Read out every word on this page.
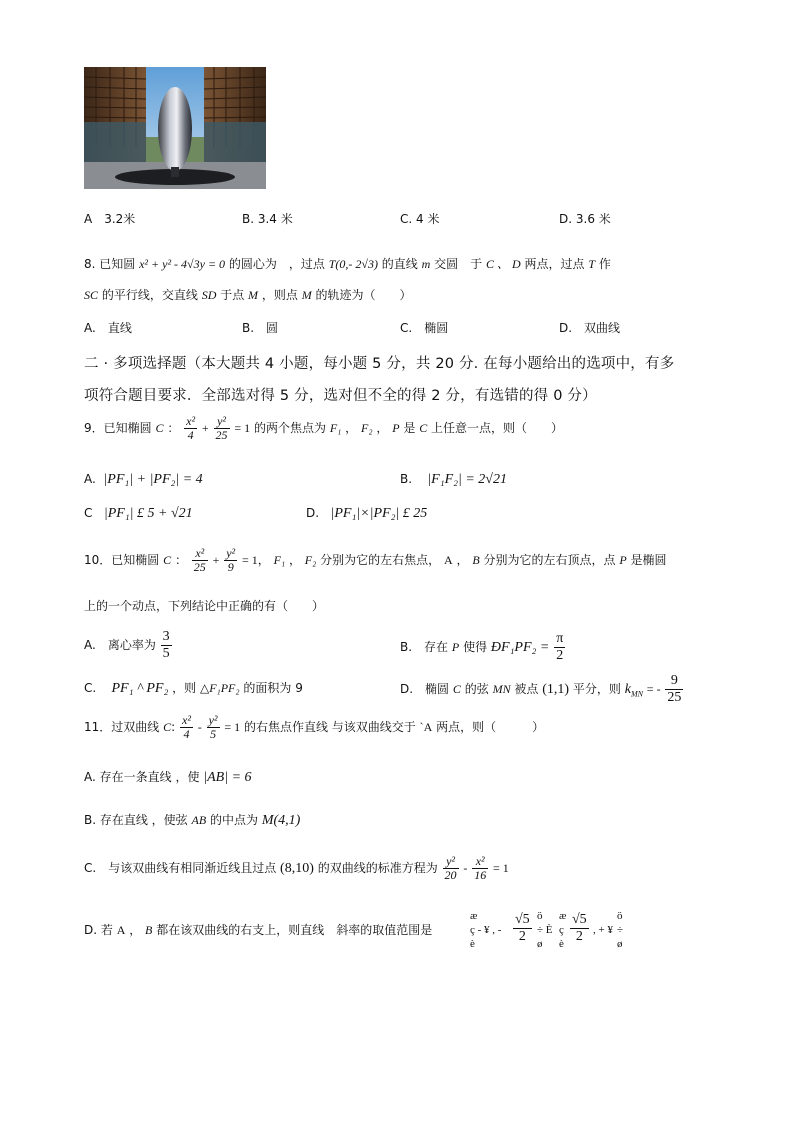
A　3.2米	B. 3.4 米	C. 4 米	D. 3.6 米
8. 已知圆 x² + y² - 4√3y = 0 的圆心为　，过点 T(0,- 2√3) 的直线 m 交圆　于 C 、 D 两点，过点 T 作
SC 的平行线，交直线 SD 于点 M ，则点 M 的轨迹为（　　）
A.　直线	B.　圆	C.　椭圆	D.　双曲线
二 · 多项选择题（本大题共 4 小题，每小题 5 分，共 20 分. 在每小题给出的选项中，有多
项符合题目要求．全部选对得 5 分，选对但不全的得 2 分，有选错的得 0 分）
9．已知椭圆 C ： $\frac{\text{x²}}{4} + \frac{\text{y²}}{25} = 1$ 的两个焦点为 F₁ ， F₂ ， P 是 C 上任意一点，则（　　）
A. |PF₁| + |PF₂| = 4	B. |F₁F₂| = 2√21
C |PF₁| £ 5 + √21	D. |PF₁|×|PF₂| £ 25
10．已知椭圆 C ： $\frac{\text{x²}}{25} + \frac{\text{y²}}{9} = 1$， F₁ ， F₂ 分别为它的左右焦点， A ， B 分别为它的左右顶点，点 P 是椭圆
上的一个动点，下列结论中正确的有（　　）
A.　离心率为 $\frac{3}{5}$	B.　存在 P 使得 ÐF₁PF₂ = $\frac{\pi}{2}$
C. PF₁ ^ PF₂ ，则 △F₁PF₂ 的面积为 9	D.　椭圆 C 的弦 MN 被点 (1,1) 平分，则 $k_{MN}$ = - $\frac{9}{25}$
11．过双曲线 C: $\frac{\text{x²}}{4} - \frac{\text{y²}}{5} = 1$ 的右焦点作直线 与该双曲线交于 `A 两点，则（　　　）
A. 存在一条直线 ，使 |AB| = 6
B. 存在直线 ，使弦 AB 的中点为 M(4,1)
C.　与该双曲线有相同渐近线且过点 (8,10) 的双曲线的标准方程为 $\frac{\text{y²}}{20} - \frac{\text{x²}}{16} = 1$
D. 若 A ， B 都在该双曲线的右支上，则直线　斜率的取值范围是
æ
ç - ¥ , -
è	$\frac{√5}{2}$ ö
÷ È
ø
æ
ç
è $\frac{√5}{2}$ , + ¥
ö
÷
ø
